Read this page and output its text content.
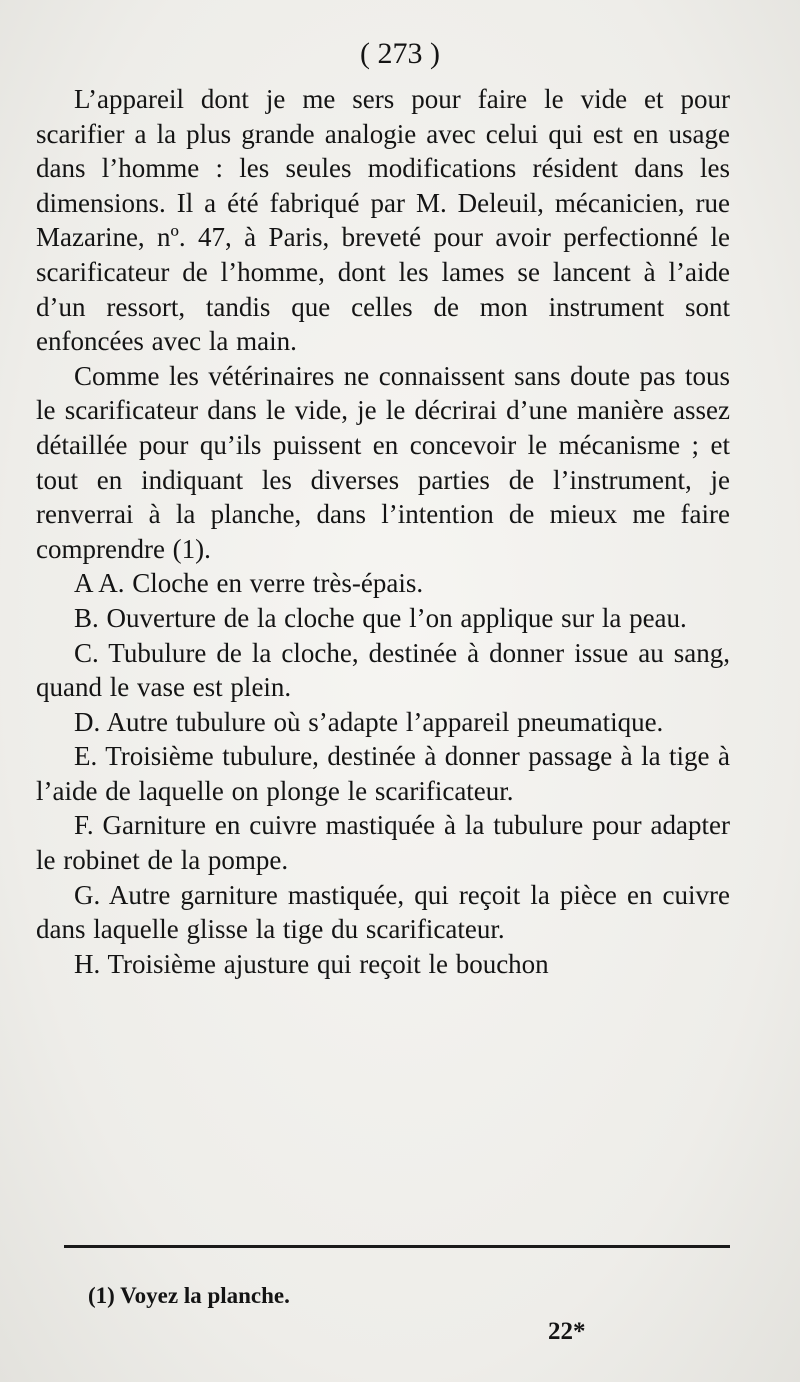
( 273 )

L’appareil dont je me sers pour faire le vide et pour scarifier a la plus grande analogie avec celui qui est en usage dans l’homme : les seules modifications résident dans les dimensions. Il a été fabriqué par M. Deleuil, mécanicien, rue Mazarine, nº. 47, à Paris, breveté pour avoir perfectionné le scarificateur de l’homme, dont les lames se lancent à l’aide d’un ressort, tandis que celles de mon instrument sont enfoncées avec la main.

Comme les vétérinaires ne connaissent sans doute pas tous le scarificateur dans le vide, je le décrirai d’une manière assez détaillée pour qu’ils puissent en concevoir le mécanisme ; et tout en indiquant les diverses parties de l’instrument, je renverrai à la planche, dans l’intention de mieux me faire comprendre (1).

A A. Cloche en verre très-épais.

B. Ouverture de la cloche que l’on applique sur la peau.

C. Tubulure de la cloche, destinée à donner issue au sang, quand le vase est plein.

D. Autre tubulure où s’adapte l’appareil pneumatique.

E. Troisième tubulure, destinée à donner passage à la tige à l’aide de laquelle on plonge le scarificateur.

F. Garniture en cuivre mastiquée à la tubulure pour adapter le robinet de la pompe.

G. Autre garniture mastiquée, qui reçoit la pièce en cuivre dans laquelle glisse la tige du scarificateur.

H. Troisième ajusture qui reçoit le bouchon

(1) Voyez la planche.
22*
